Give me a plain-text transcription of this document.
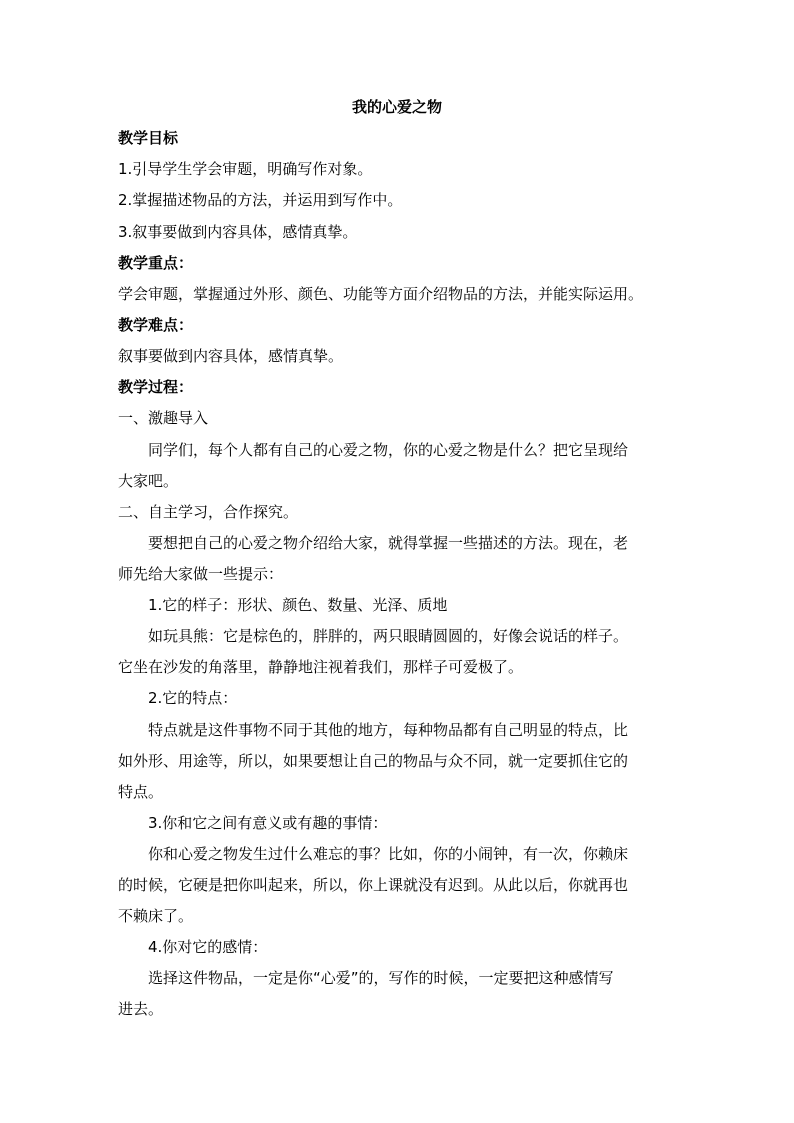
我的心爱之物
教学目标
1.引导学生学会审题，明确写作对象。
2.掌握描述物品的方法，并运用到写作中。
3.叙事要做到内容具体，感情真挚。
教学重点：
学会审题，掌握通过外形、颜色、功能等方面介绍物品的方法，并能实际运用。
教学难点：
叙事要做到内容具体，感情真挚。
教学过程：
一、激趣导入
同学们，每个人都有自己的心爱之物，你的心爱之物是什么？把它呈现给
大家吧。
二、自主学习，合作探究。
要想把自己的心爱之物介绍给大家，就得掌握一些描述的方法。现在，老
师先给大家做一些提示：
1.它的样子：形状、颜色、数量、光泽、质地
如玩具熊：它是棕色的，胖胖的，两只眼睛圆圆的，好像会说话的样子。
它坐在沙发的角落里，静静地注视着我们，那样子可爱极了。
2.它的特点：
特点就是这件事物不同于其他的地方，每种物品都有自己明显的特点，比
如外形、用途等，所以，如果要想让自己的物品与众不同，就一定要抓住它的
特点。
3.你和它之间有意义或有趣的事情：
你和心爱之物发生过什么难忘的事？比如，你的小闹钟，有一次，你赖床
的时候，它硬是把你叫起来，所以，你上课就没有迟到。从此以后，你就再也
不赖床了。
4.你对它的感情：
选择这件物品，一定是你“心爱”的，写作的时候，一定要把这种感情写
进去。
